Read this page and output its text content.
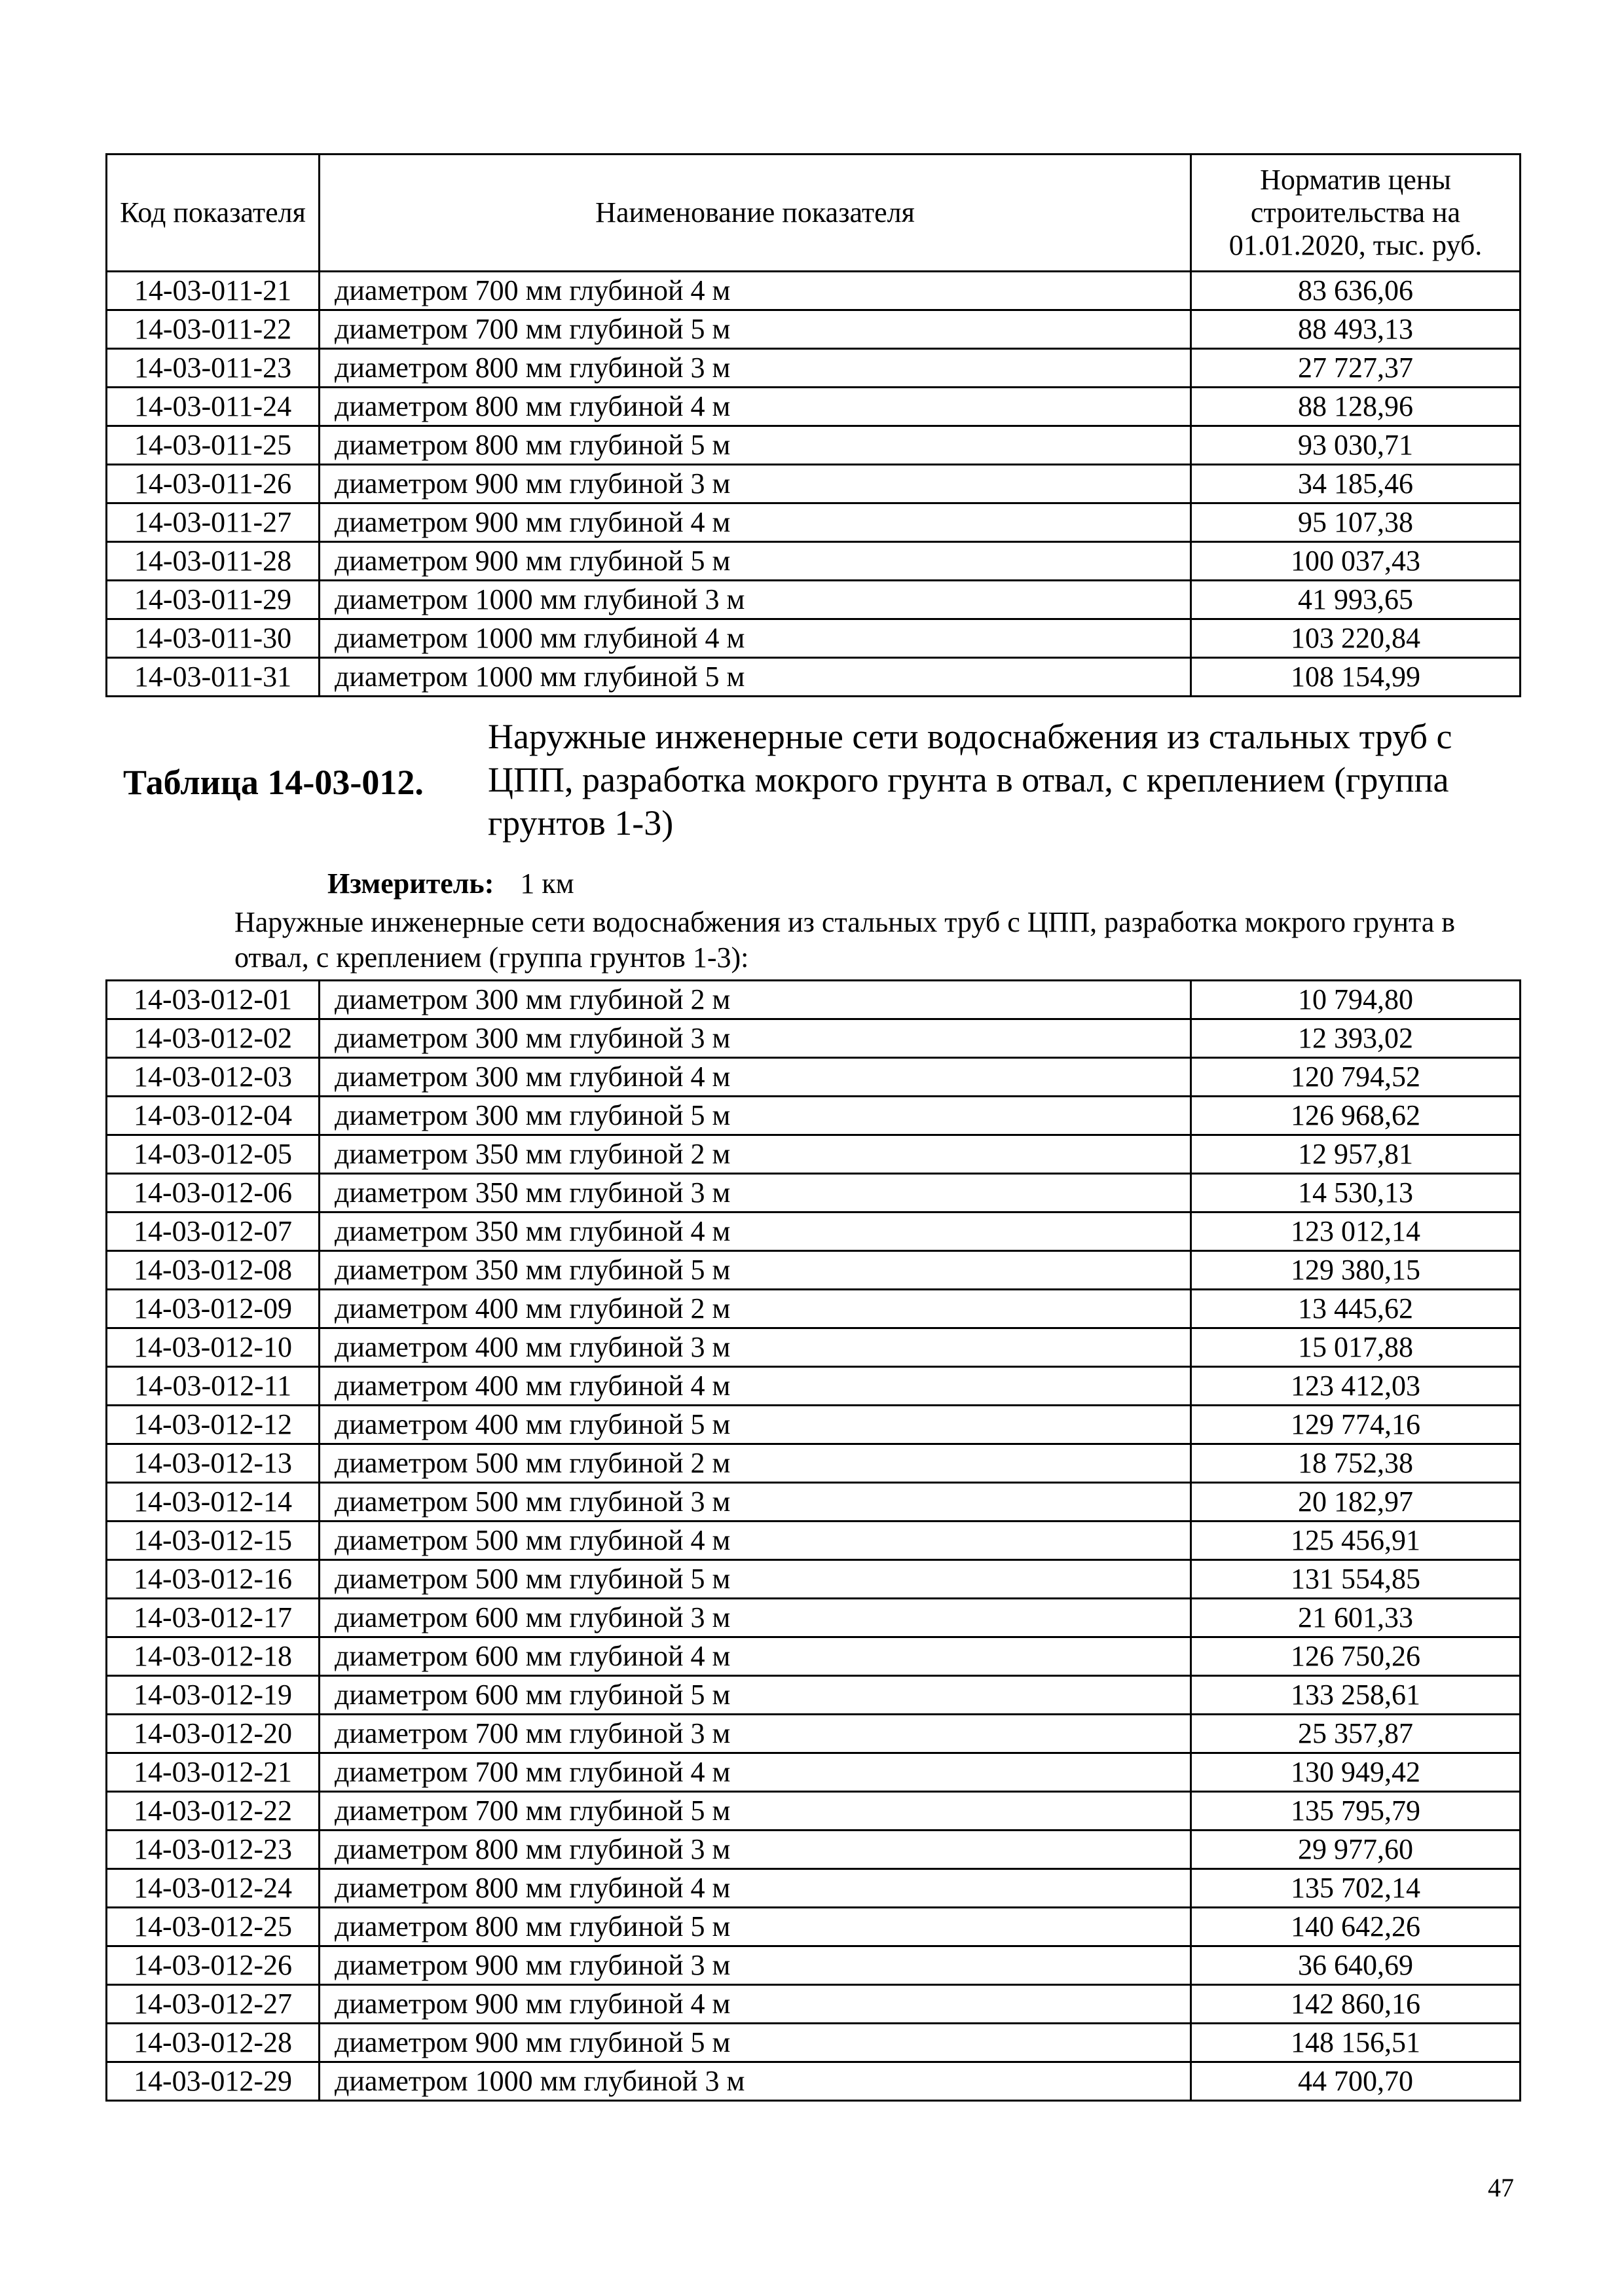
Код показателя	Наименование показателя	Норматив цены строительства на 01.01.2020, тыс. руб.
14-03-011-21	диаметром 700 мм глубиной 4 м	83 636,06
14-03-011-22	диаметром 700 мм глубиной 5 м	88 493,13
14-03-011-23	диаметром 800 мм глубиной 3 м	27 727,37
14-03-011-24	диаметром 800 мм глубиной 4 м	88 128,96
14-03-011-25	диаметром 800 мм глубиной 5 м	93 030,71
14-03-011-26	диаметром 900 мм глубиной 3 м	34 185,46
14-03-011-27	диаметром 900 мм глубиной 4 м	95 107,38
14-03-011-28	диаметром 900 мм глубиной 5 м	100 037,43
14-03-011-29	диаметром 1000 мм глубиной 3 м	41 993,65
14-03-011-30	диаметром 1000 мм глубиной 4 м	103 220,84
14-03-011-31	диаметром 1000 мм глубиной 5 м	108 154,99
Таблица 14-03-012.
Наружные инженерные сети водоснабжения из стальных труб с ЦПП, разработка мокрого грунта в отвал, с креплением (группа грунтов 1-3)
Измеритель: 1 км
Наружные инженерные сети водоснабжения из стальных труб с ЦПП, разработка мокрого грунта в отвал, с креплением (группа грунтов 1-3):
14-03-012-01	диаметром 300 мм глубиной 2 м	10 794,80
14-03-012-02	диаметром 300 мм глубиной 3 м	12 393,02
14-03-012-03	диаметром 300 мм глубиной 4 м	120 794,52
14-03-012-04	диаметром 300 мм глубиной 5 м	126 968,62
14-03-012-05	диаметром 350 мм глубиной 2 м	12 957,81
14-03-012-06	диаметром 350 мм глубиной 3 м	14 530,13
14-03-012-07	диаметром 350 мм глубиной 4 м	123 012,14
14-03-012-08	диаметром 350 мм глубиной 5 м	129 380,15
14-03-012-09	диаметром 400 мм глубиной 2 м	13 445,62
14-03-012-10	диаметром 400 мм глубиной 3 м	15 017,88
14-03-012-11	диаметром 400 мм глубиной 4 м	123 412,03
14-03-012-12	диаметром 400 мм глубиной 5 м	129 774,16
14-03-012-13	диаметром 500 мм глубиной 2 м	18 752,38
14-03-012-14	диаметром 500 мм глубиной 3 м	20 182,97
14-03-012-15	диаметром 500 мм глубиной 4 м	125 456,91
14-03-012-16	диаметром 500 мм глубиной 5 м	131 554,85
14-03-012-17	диаметром 600 мм глубиной 3 м	21 601,33
14-03-012-18	диаметром 600 мм глубиной 4 м	126 750,26
14-03-012-19	диаметром 600 мм глубиной 5 м	133 258,61
14-03-012-20	диаметром 700 мм глубиной 3 м	25 357,87
14-03-012-21	диаметром 700 мм глубиной 4 м	130 949,42
14-03-012-22	диаметром 700 мм глубиной 5 м	135 795,79
14-03-012-23	диаметром 800 мм глубиной 3 м	29 977,60
14-03-012-24	диаметром 800 мм глубиной 4 м	135 702,14
14-03-012-25	диаметром 800 мм глубиной 5 м	140 642,26
14-03-012-26	диаметром 900 мм глубиной 3 м	36 640,69
14-03-012-27	диаметром 900 мм глубиной 4 м	142 860,16
14-03-012-28	диаметром 900 мм глубиной 5 м	148 156,51
14-03-012-29	диаметром 1000 мм глубиной 3 м	44 700,70
47
